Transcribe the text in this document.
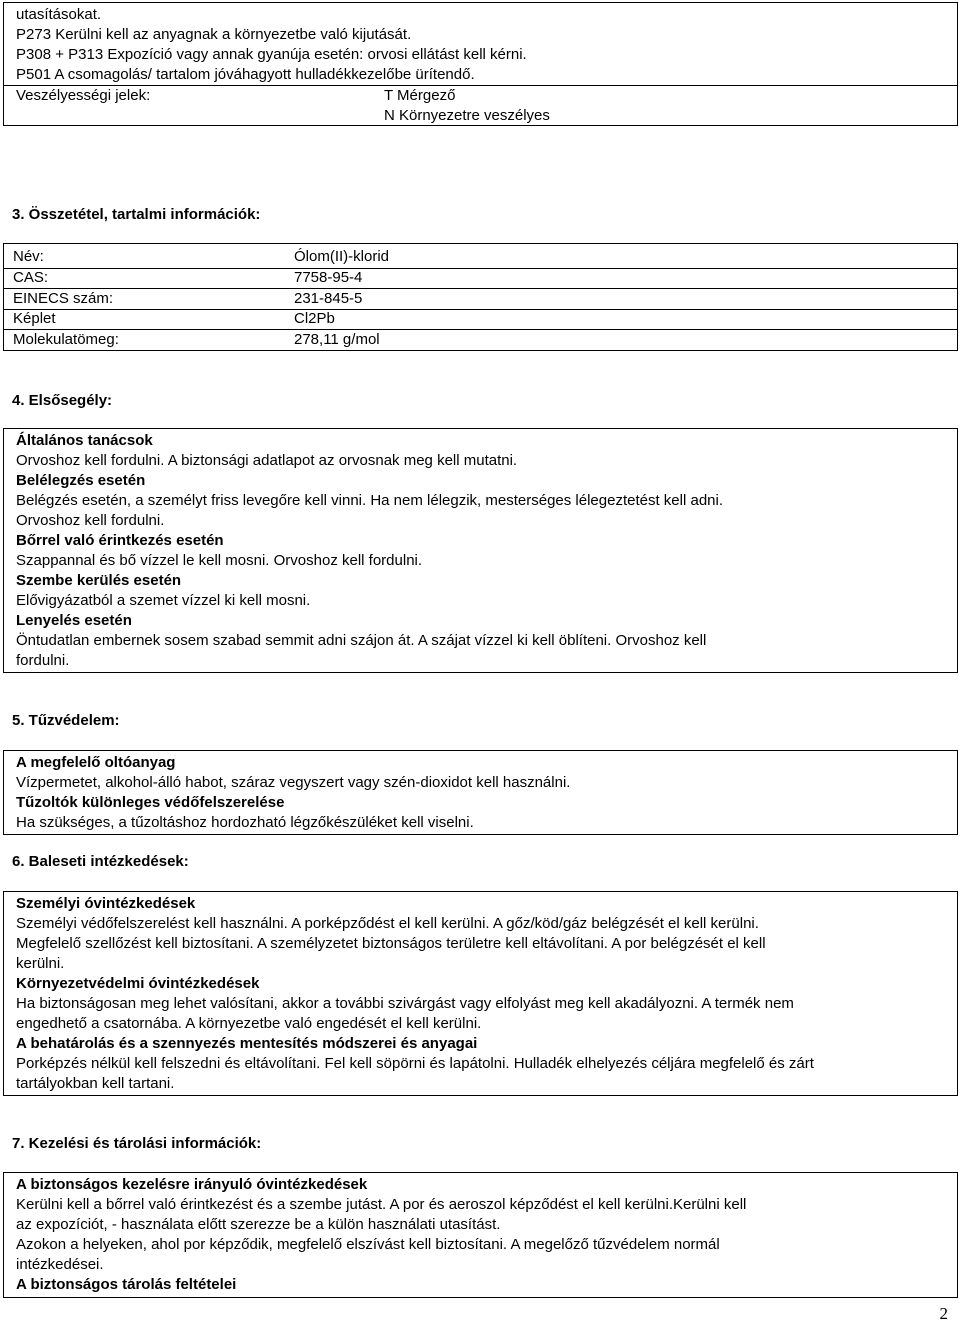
utasításokat.
P273 Kerülni kell az anyagnak a környezetbe való kijutását.
P308 + P313 Expozíció vagy annak gyanúja esetén: orvosi ellátást kell kérni.
P501 A csomagolás/ tartalom jóváhagyott hulladékkezelőbe ürítendő.
Veszélyességi jelek:	T Mérgező
N Környezetre veszélyes
3. Összetétel, tartalmi információk:
Név:	Ólom(II)-klorid
CAS:	7758-95-4
EINECS szám:	231-845-5
Képlet	Cl2Pb
Molekulatömeg:	278,11 g/mol
4. Elsősegély:
Általános tanácsok
Orvoshoz kell fordulni. A biztonsági adatlapot az orvosnak meg kell mutatni.
Belélegzés esetén
Belégzés esetén, a személyt friss levegőre kell vinni. Ha nem lélegzik, mesterséges lélegeztetést kell adni.
Orvoshoz kell fordulni.
Bőrrel való érintkezés esetén
Szappannal és bő vízzel le kell mosni. Orvoshoz kell fordulni.
Szembe kerülés esetén
Elővigyázatból a szemet vízzel ki kell mosni.
Lenyelés esetén
Öntudatlan embernek sosem szabad semmit adni szájon át. A szájat vízzel ki kell öblíteni. Orvoshoz kell
fordulni.
5. Tűzvédelem:
A megfelelő oltóanyag
Vízpermetet, alkohol-álló habot, száraz vegyszert vagy szén-dioxidot kell használni.
Tűzoltók különleges védőfelszerelése
Ha szükséges, a tűzoltáshoz hordozható légzőkészüléket kell viselni.
6. Baleseti intézkedések:
Személyi óvintézkedések
Személyi védőfelszerelést kell használni. A porképződést el kell kerülni. A gőz/köd/gáz belégzését el kell kerülni.
Megfelelő szellőzést kell biztosítani. A személyzetet biztonságos területre kell eltávolítani. A por belégzését el kell
kerülni.
Környezetvédelmi óvintézkedések
Ha biztonságosan meg lehet valósítani, akkor a további szivárgást vagy elfolyást meg kell akadályozni. A termék nem
engedhető a csatornába. A környezetbe való engedését el kell kerülni.
A behatárolás és a szennyezés mentesítés módszerei és anyagai
Porképzés nélkül kell felszedni és eltávolítani. Fel kell söpörni és lapátolni. Hulladék elhelyezés céljára megfelelő és zárt
tartályokban kell tartani.
7. Kezelési és tárolási információk:
A biztonságos kezelésre irányuló óvintézkedések
Kerülni kell a bőrrel való érintkezést és a szembe jutást. A por és aeroszol képződést el kell kerülni.Kerülni kell
az expozíciót, - használata előtt szerezze be a külön használati utasítást.
Azokon a helyeken, ahol por képződik, megfelelő elszívást kell biztosítani. A megelőző tűzvédelem normál
intézkedései.
A biztonságos tárolás feltételei
2
